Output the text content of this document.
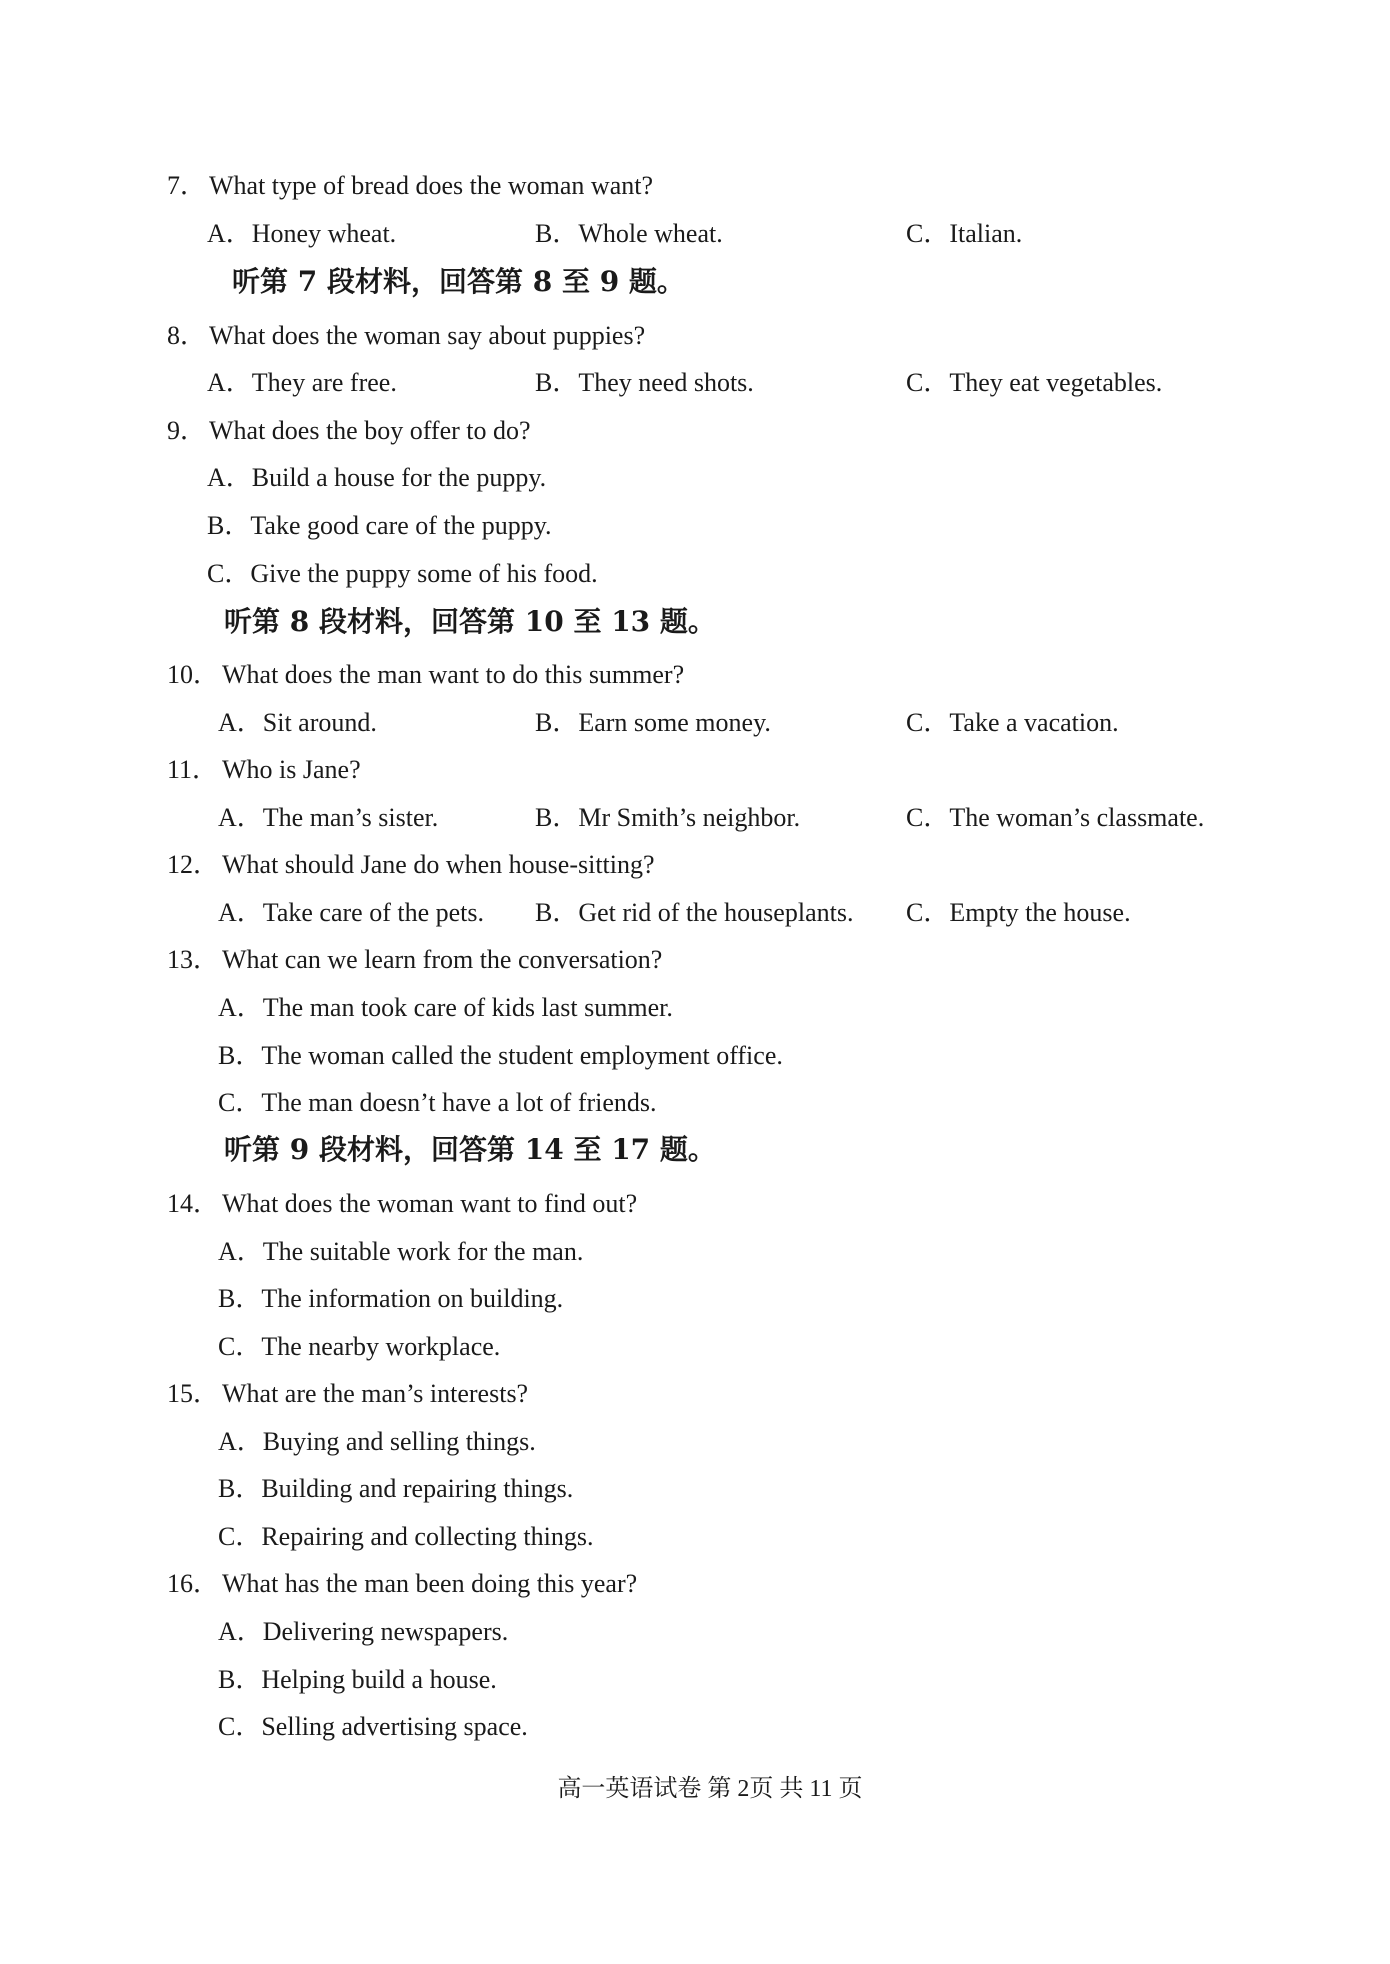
7． What type of bread does the woman want?
A．Honey wheat.	B．Whole wheat.	C．Italian.
听第 7 段材料，回答第 8 至 9 题。
8． What does the woman say about puppies?
A．They are free.	B．They need shots.	C．They eat vegetables.
9． What does the boy offer to do?
A．Build a house for the puppy.
B．Take good care of the puppy.
C．Give the puppy some of his food.
听第 8 段材料，回答第 10 至 13 题。
10． What does the man want to do this summer?
A．Sit around.	B．Earn some money.	C．Take a vacation.
11． Who is Jane?
A．The man’s sister.	B．Mr Smith’s neighbor.	C．The woman’s classmate.
12． What should Jane do when house-sitting?
A．Take care of the pets. B．Get rid of the houseplants. C．Empty the house.
13． What can we learn from the conversation?
A．The man took care of kids last summer.
B．The woman called the student employment office.
C．The man doesn’t have a lot of friends.
听第 9 段材料，回答第 14 至 17 题。
14． What does the woman want to find out?
A．The suitable work for the man.
B．The information on building.
C．The nearby workplace.
15． What are the man’s interests?
A．Buying and selling things.
B．Building and repairing things.
C．Repairing and collecting things.
16． What has the man been doing this year?
A．Delivering newspapers.
B．Helping build a house.
C．Selling advertising space.
高一英语试卷 第 2页 共 11 页
